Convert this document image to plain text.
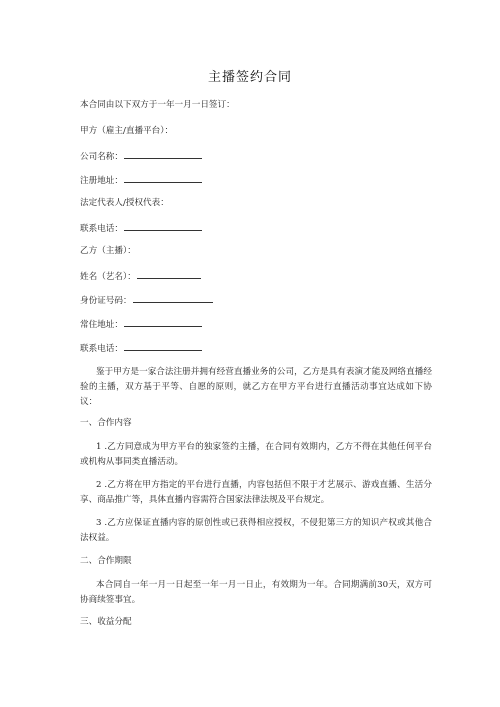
主播签约合同
本合同由以下双方于一年一月一日签订：
甲方（雇主/直播平台）：
公司名称：
注册地址：
法定代表人/授权代表：
联系电话：
乙方（主播）：
姓名（艺名）：
身份证号码：
常住地址：
联系电话：
鉴于甲方是一家合法注册并拥有经营直播业务的公司，乙方是具有表演才能及网络直播经验的主播，双方基于平等、自愿的原则，就乙方在甲方平台进行直播活动事宜达成如下协议：
一、合作内容
1 .乙方同意成为甲方平台的独家签约主播，在合同有效期内，乙方不得在其他任何平台或机构从事同类直播活动。
2 .乙方将在甲方指定的平台进行直播，内容包括但不限于才艺展示、游戏直播、生活分享、商品推广等，具体直播内容需符合国家法律法规及平台规定。
3 .乙方应保证直播内容的原创性或已获得相应授权，不侵犯第三方的知识产权或其他合法权益。
二、合作期限
本合同自一年一月一日起至一年一月一日止，有效期为一年。合同期满前30天，双方可协商续签事宜。
三、收益分配
